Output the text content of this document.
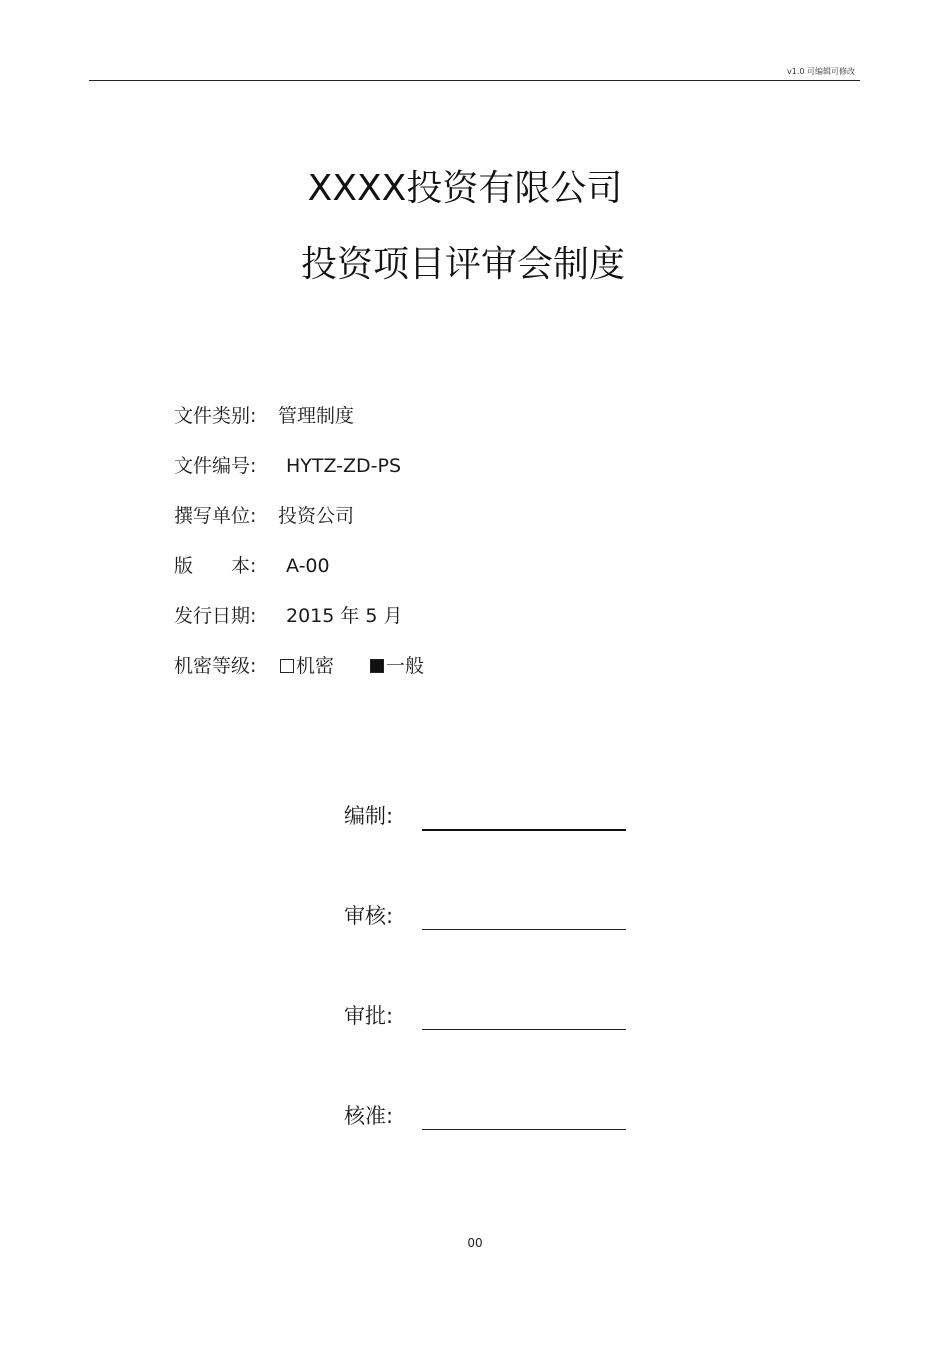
v1.0 可编辑可修改
XXXX投资有限公司
投资项目评审会制度
文件类别: 管理制度
文件编号: HYTZ-ZD-PS
撰写单位: 投资公司
版　　本: A-00
发行日期: 2015 年 5 月
机密等级: 机密	一般
编制:
审核:
审批:
核准:
00
